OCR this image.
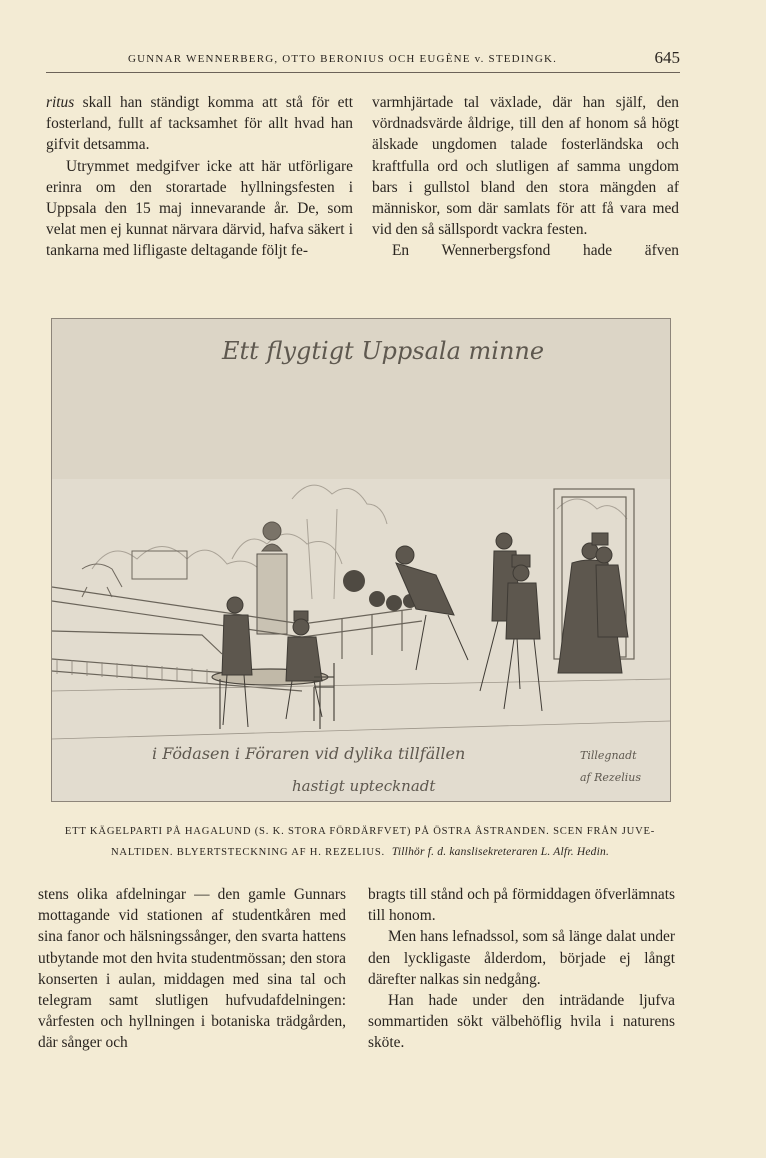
GUNNAR WENNERBERG, OTTO BERONIUS OCH EUGÈNE v. STEDINGK.	645

ritus skall han ständigt komma att stå för ett fosterland, fullt af tacksamhet för allt hvad han gifvit detsamma.

Utrymmet medgifver icke att här utförligare erinra om den storartade hyllningsfesten i Uppsala den 15 maj innevarande år. De, som velat men ej kunnat närvara därvid, hafva säkert i tankarna med lifligaste deltagande följt fe-

varmhjärtade tal växlade, där han själf, den vördnadsvärde åldrige, till den af honom så högt älskade ungdomen talade fosterländska och kraftfulla ord och slutligen af samma ungdom bars i gullstol bland den stora mängden af människor, som där samlats för att få vara med vid den så sällspordt vackra festen.

En Wennerbergsfond hade äfven

Ett flygtigt Uppsala minne
i Födasen i Föraren vid dylika tillfällen
hastigt uptecknadt
Tillegnadt
af Rezelius
ETT KÄGELPARTI PÅ HAGALUND (S. K. STORA FÖRDÄRFVET) PÅ ÖSTRA ÅSTRANDEN. SCEN FRÅN JUVE-
NALTIDEN. BLYERTSTECKNING AF H. REZELIUS. Tillhör f. d. kanslisekreteraren L. Alfr. Hedin.

stens olika afdelningar — den gamle Gunnars mottagande vid stationen af studentkåren med sina fanor och hälsningssånger, den svarta hattens utbytande mot den hvita studentmössan; den stora konserten i aulan, middagen med sina tal och telegram samt slutligen hufvudafdelningen: vårfesten och hyllningen i botaniska trädgården, där sånger och

bragts till stånd och på förmiddagen öfverlämnats till honom.

Men hans lefnadssol, som så länge dalat under den lyckligaste ålderdom, började ej långt därefter nalkas sin nedgång.

Han hade under den inträdande ljufva sommartiden sökt välbehöflig hvila i naturens sköte.
